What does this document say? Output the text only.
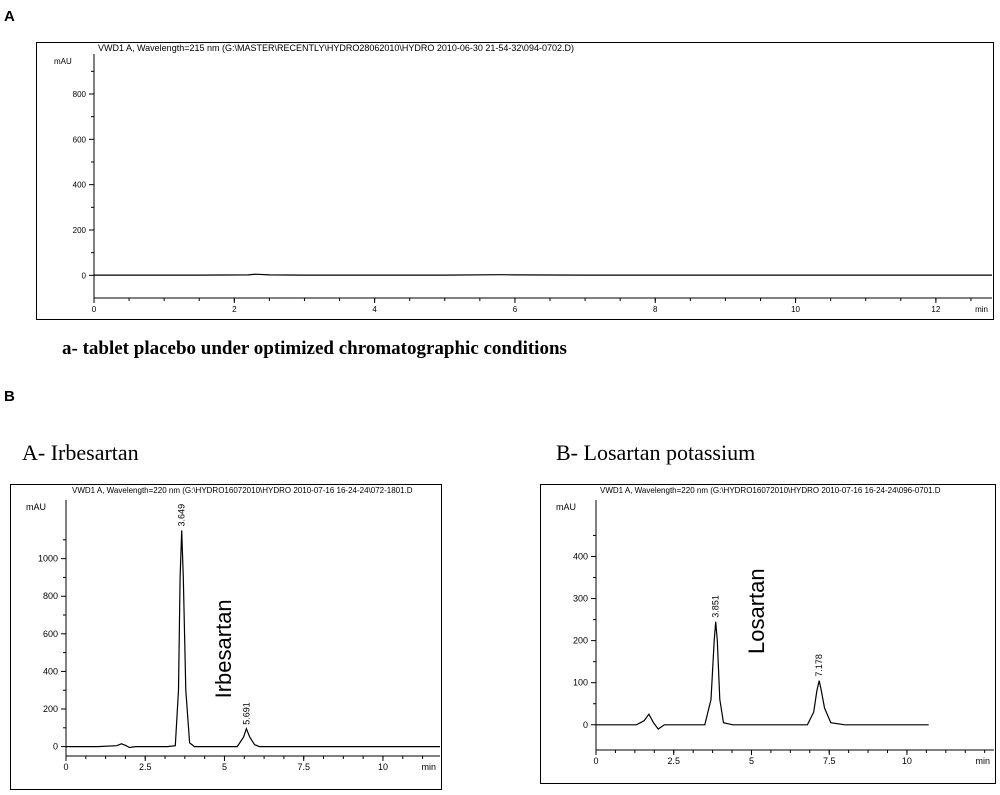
A
B
a- tablet placebo under optimized chromatographic conditions
A- Irbesartan	B- Losartan potassium
VWD1 A, Wavelength=215 nm (G:\MASTER\RECENTLY\HYDRO28062010\HYDRO 2010-06-30 21-54-32\094-0702.D)
mAU
0
200
400
600
800
0	2	4	6	8	10	12	min
VWD1 A, Wavelength=220 nm (G:\HYDRO16072010\HYDRO 2010-07-16 16-24-24\072-1801.D
mAU
0
200
400
600
800
1000
0	2.5	5	7.5	10	min
3.649
5.691
Irbesartan
VWD1 A, Wavelength=220 nm (G:\HYDRO16072010\HYDRO 2010-07-16 16-24-24\096-0701.D
mAU
0
100
200
300
400
0	2.5	5	7.5	10	min
3.851
7.178
Losartan
